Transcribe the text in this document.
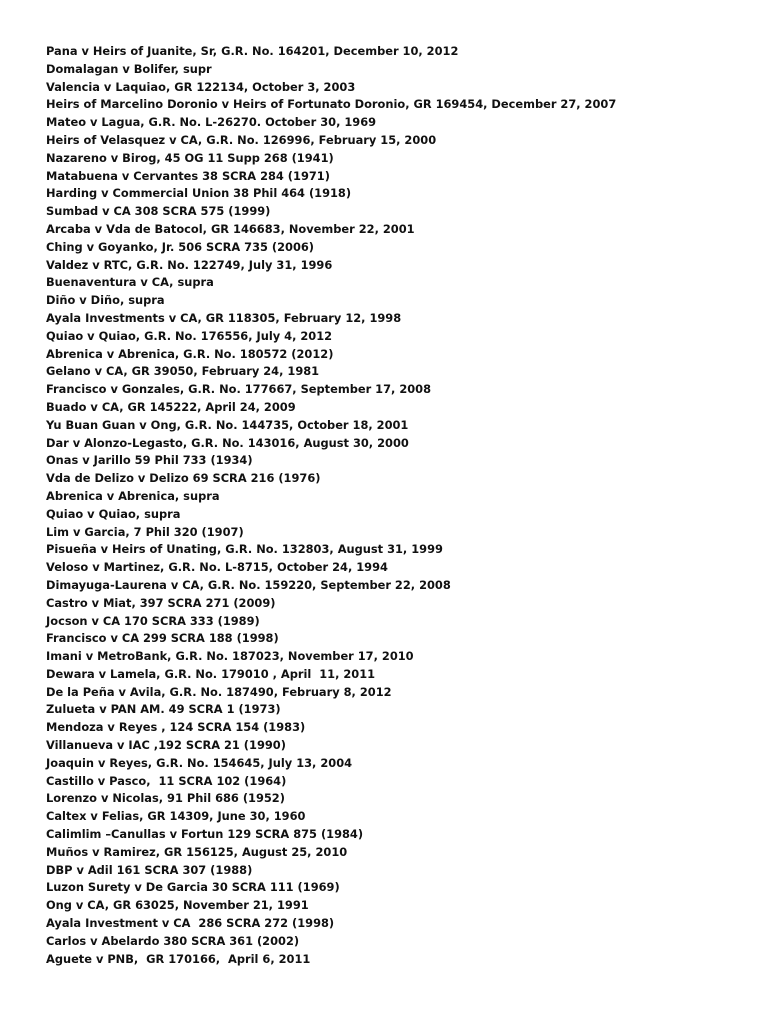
Pana v Heirs of Juanite, Sr, G.R. No. 164201, December 10, 2012
Domalagan v Bolifer, supr
Valencia v Laquiao, GR 122134, October 3, 2003
Heirs of Marcelino Doronio v Heirs of Fortunato Doronio, GR 169454, December 27, 2007
Mateo v Lagua, G.R. No. L-26270. October 30, 1969
Heirs of Velasquez v CA, G.R. No. 126996, February 15, 2000
Nazareno v Birog, 45 OG 11 Supp 268 (1941)
Matabuena v Cervantes 38 SCRA 284 (1971)
Harding v Commercial Union 38 Phil 464 (1918)
Sumbad v CA 308 SCRA 575 (1999)
Arcaba v Vda de Batocol, GR 146683, November 22, 2001
Ching v Goyanko, Jr. 506 SCRA 735 (2006)
Valdez v RTC, G.R. No. 122749, July 31, 1996
Buenaventura v CA, supra
Diño v Diño, supra
Ayala Investments v CA, GR 118305, February 12, 1998
Quiao v Quiao, G.R. No. 176556, July 4, 2012
Abrenica v Abrenica, G.R. No. 180572 (2012)
Gelano v CA, GR 39050, February 24, 1981
Francisco v Gonzales, G.R. No. 177667, September 17, 2008
Buado v CA, GR 145222, April 24, 2009
Yu Buan Guan v Ong, G.R. No. 144735, October 18, 2001
Dar v Alonzo-Legasto, G.R. No. 143016, August 30, 2000
Onas v Jarillo 59 Phil 733 (1934)
Vda de Delizo v Delizo 69 SCRA 216 (1976)
Abrenica v Abrenica, supra
Quiao v Quiao, supra
Lim v Garcia, 7 Phil 320 (1907)
Pisueña v Heirs of Unating, G.R. No. 132803, August 31, 1999
Veloso v Martinez, G.R. No. L-8715, October 24, 1994
Dimayuga-Laurena v CA, G.R. No. 159220, September 22, 2008
Castro v Miat, 397 SCRA 271 (2009)
Jocson v CA 170 SCRA 333 (1989)
Francisco v CA 299 SCRA 188 (1998)
Imani v MetroBank, G.R. No. 187023, November 17, 2010
Dewara v Lamela, G.R. No. 179010 , April  11, 2011
De la Peña v Avila, G.R. No. 187490, February 8, 2012
Zulueta v PAN AM. 49 SCRA 1 (1973)
Mendoza v Reyes , 124 SCRA 154 (1983)
Villanueva v IAC ,192 SCRA 21 (1990)
Joaquin v Reyes, G.R. No. 154645, July 13, 2004
Castillo v Pasco,  11 SCRA 102 (1964)
Lorenzo v Nicolas, 91 Phil 686 (1952)
Caltex v Felias, GR 14309, June 30, 1960
Calimlim –Canullas v Fortun 129 SCRA 875 (1984)
Muños v Ramirez, GR 156125, August 25, 2010
DBP v Adil 161 SCRA 307 (1988)
Luzon Surety v De Garcia 30 SCRA 111 (1969)
Ong v CA, GR 63025, November 21, 1991
Ayala Investment v CA  286 SCRA 272 (1998)
Carlos v Abelardo 380 SCRA 361 (2002)
Aguete v PNB,  GR 170166,  April 6, 2011
